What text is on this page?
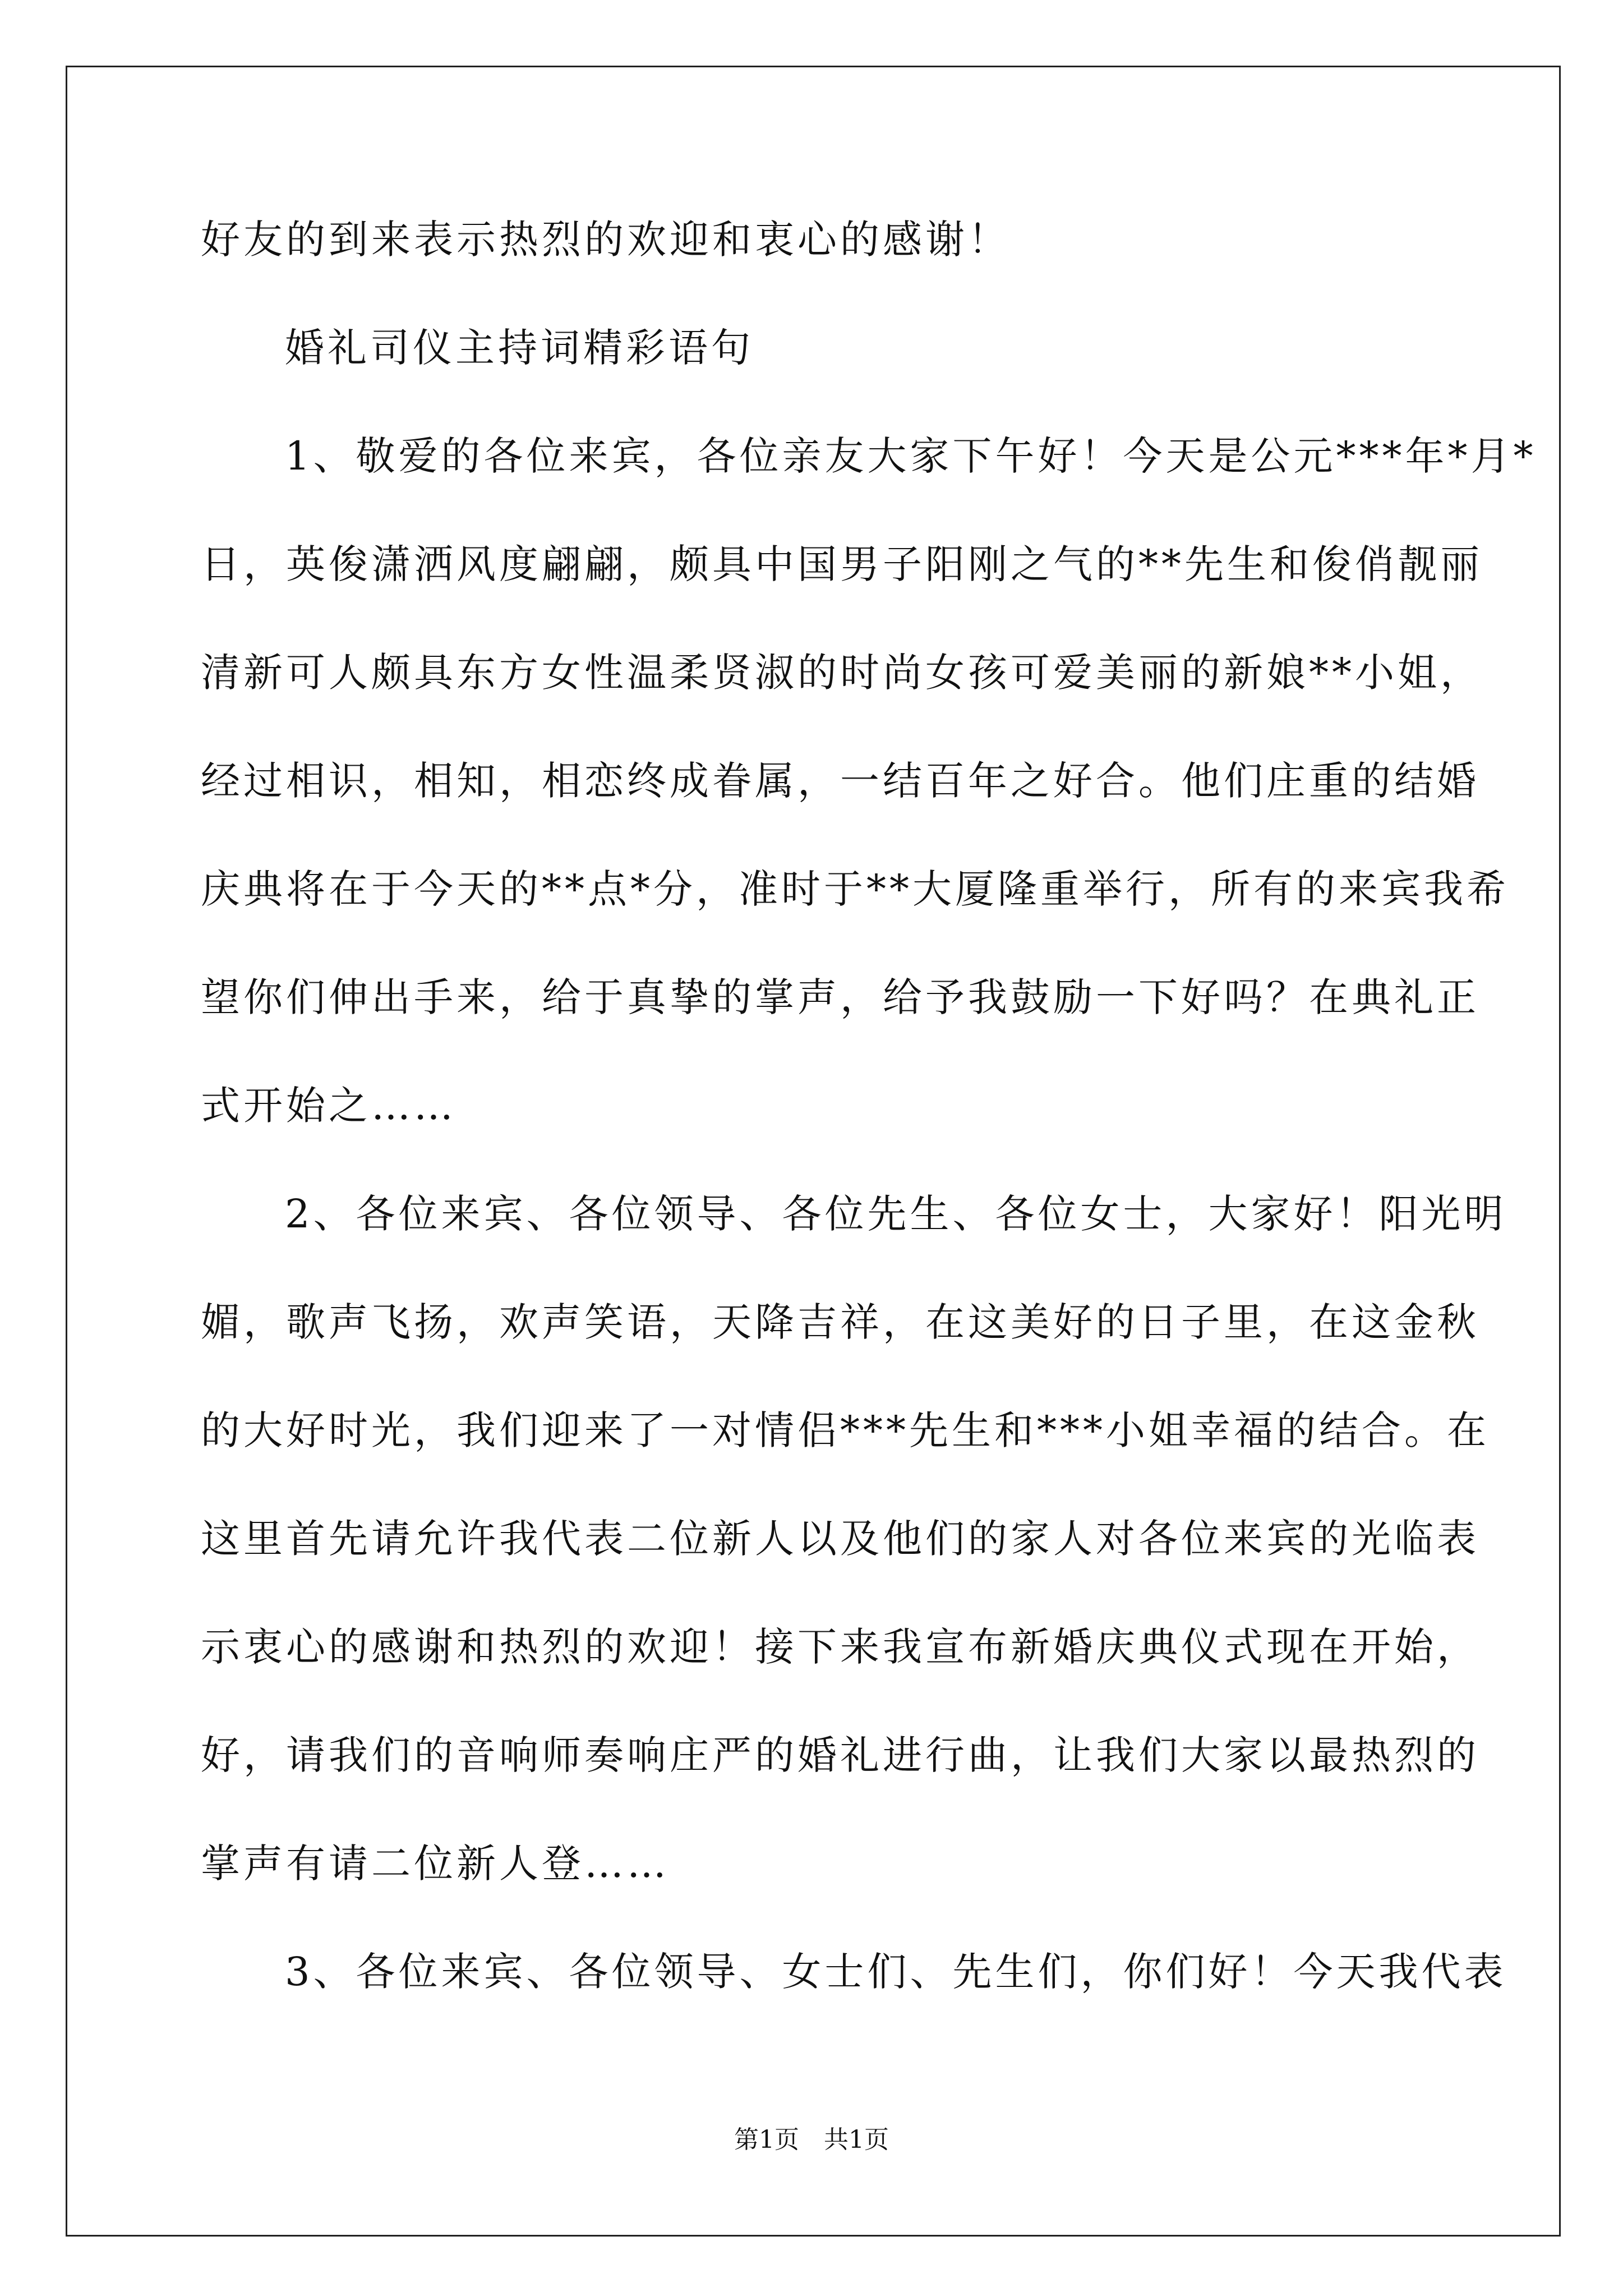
好友的到来表示热烈的欢迎和衷心的感谢！
婚礼司仪主持词精彩语句
1、敬爱的各位来宾，各位亲友大家下午好！今天是公元***年*月*
日，英俊潇洒风度翩翩，颇具中国男子阳刚之气的**先生和俊俏靓丽
清新可人颇具东方女性温柔贤淑的时尚女孩可爱美丽的新娘**小姐，
经过相识，相知，相恋终成眷属，一结百年之好合。他们庄重的结婚
庆典将在于今天的**点*分，准时于**大厦隆重举行，所有的来宾我希
望你们伸出手来，给于真挚的掌声，给予我鼓励一下好吗？在典礼正
式开始之……
2、各位来宾、各位领导、各位先生、各位女士，大家好！阳光明
媚，歌声飞扬，欢声笑语，天降吉祥，在这美好的日子里，在这金秋
的大好时光，我们迎来了一对情侣***先生和***小姐幸福的结合。在
这里首先请允许我代表二位新人以及他们的家人对各位来宾的光临表
示衷心的感谢和热烈的欢迎！接下来我宣布新婚庆典仪式现在开始，
好，请我们的音响师奏响庄严的婚礼进行曲，让我们大家以最热烈的
掌声有请二位新人登……
3、各位来宾、各位领导、女士们、先生们，你们好！今天我代表
第1页　共1页
